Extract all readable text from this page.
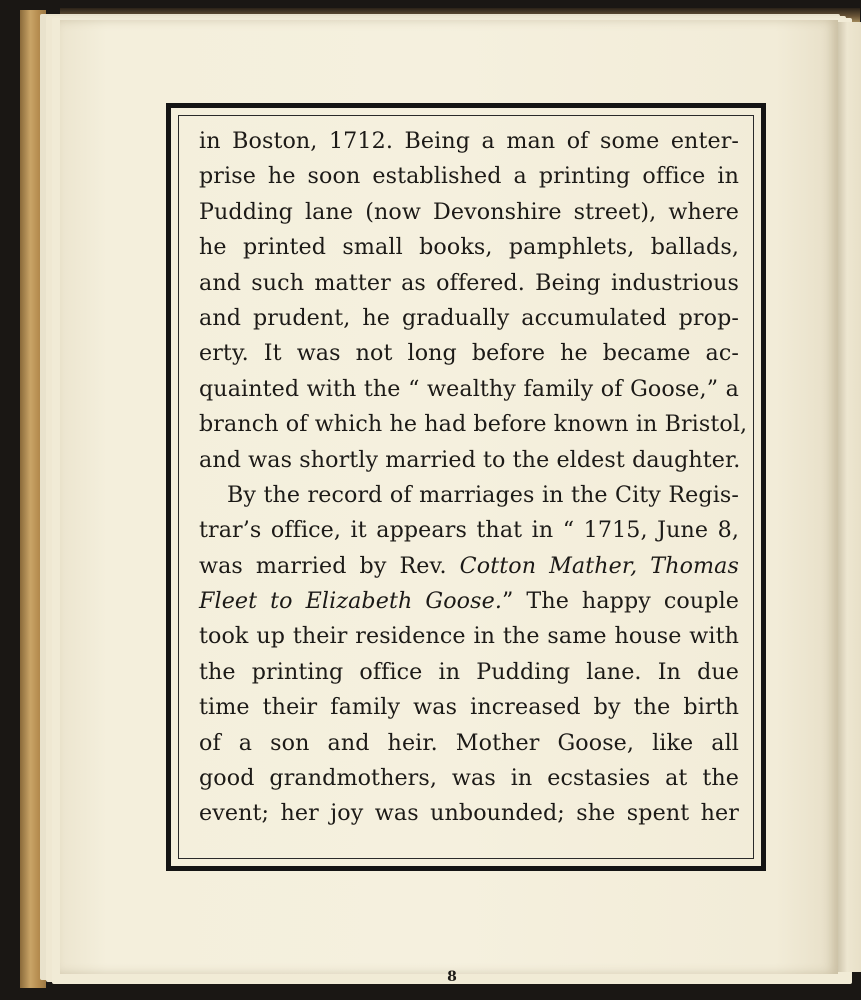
in Boston, 1712. Being a man of some enter-
prise he soon established a printing office in
Pudding lane (now Devonshire street), where
he printed small books, pamphlets, ballads,
and such matter as offered. Being industrious
and prudent, he gradually accumulated prop-
erty. It was not long before he became ac-
quainted with the “ wealthy family of Goose,” a
branch of which he had before known in Bristol,
and was shortly married to the eldest daughter.
By the record of marriages in the City Regis-
trar’s office, it appears that in “ 1715, June 8,
was married by Rev. Cotton Mather, Thomas
Fleet to Elizabeth Goose.” The happy couple
took up their residence in the same house with
the printing office in Pudding lane. In due
time their family was increased by the birth
of a son and heir. Mother Goose, like all
good grandmothers, was in ecstasies at the
event; her joy was unbounded; she spent her
8
